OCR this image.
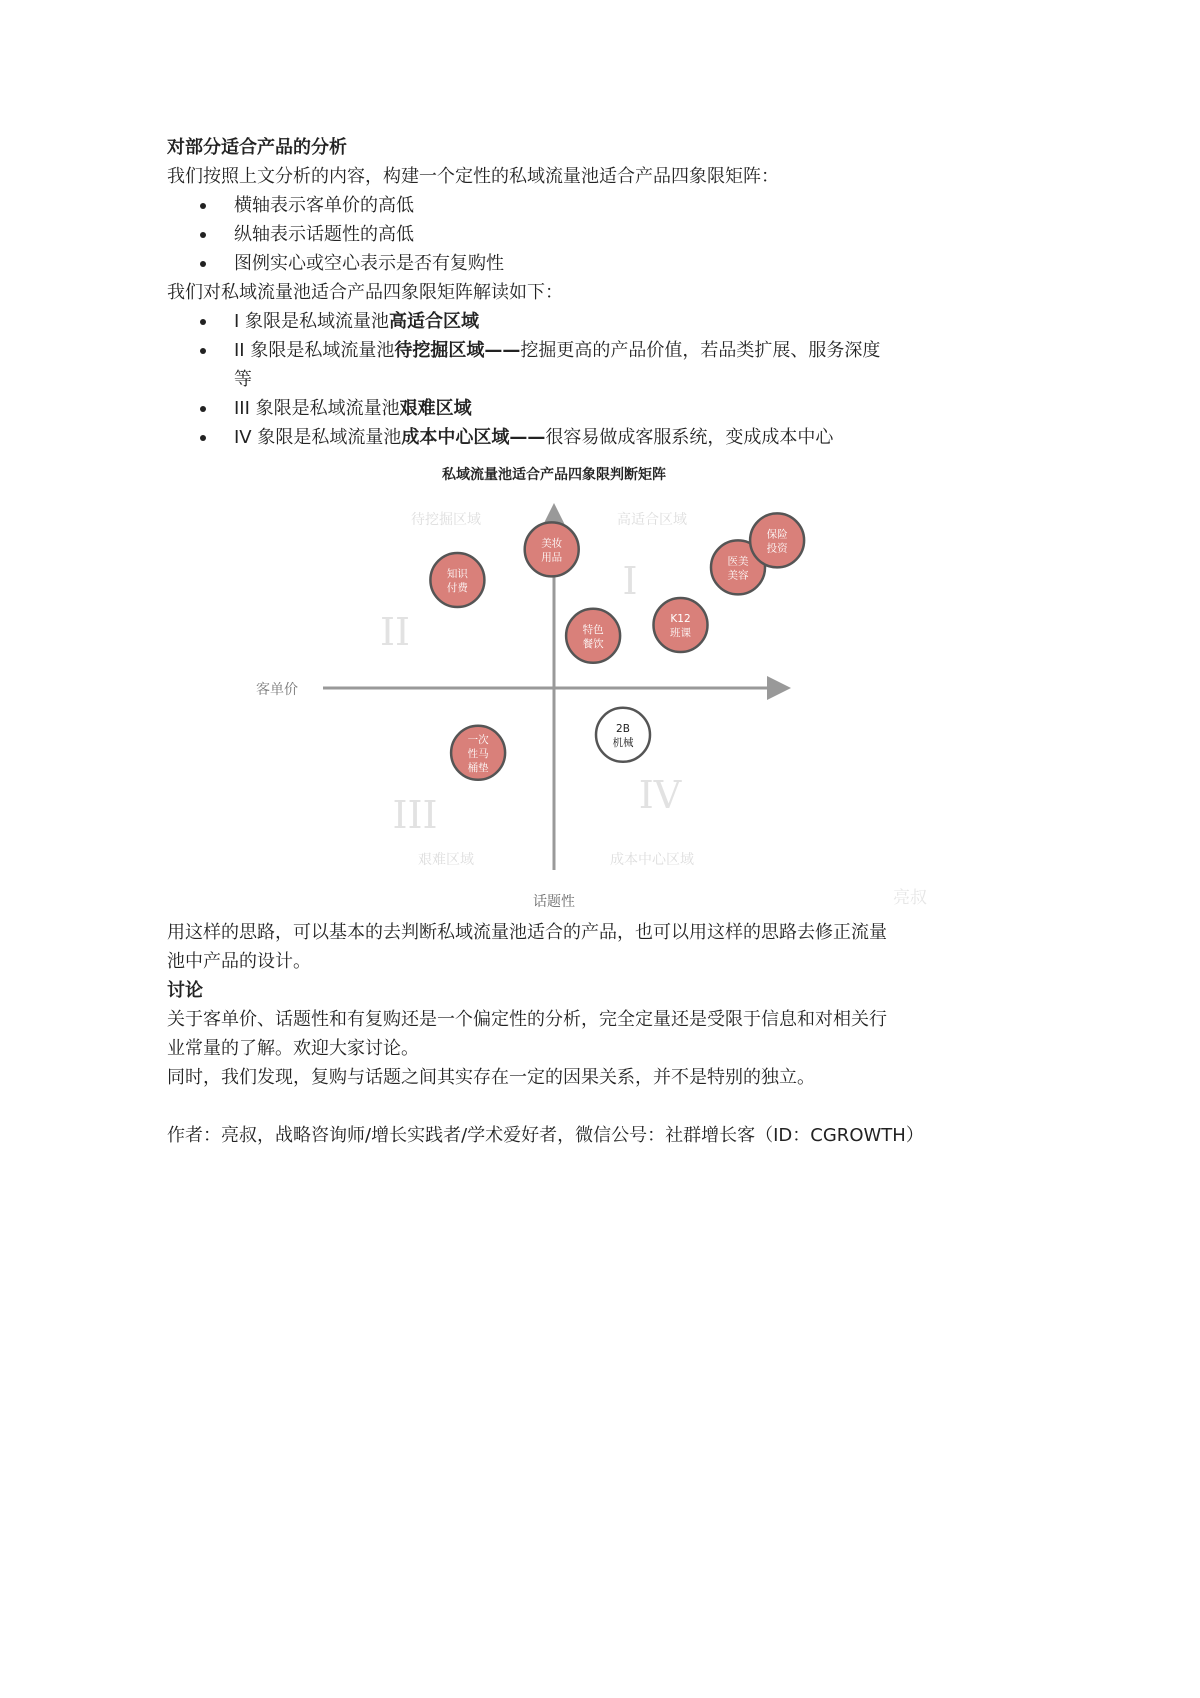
对部分适合产品的分析
我们按照上文分析的内容，构建一个定性的私域流量池适合产品四象限矩阵：
横轴表示客单价的高低
纵轴表示话题性的高低
图例实心或空心表示是否有复购性
我们对私域流量池适合产品四象限矩阵解读如下：
I 象限是私域流量池高适合区域
II 象限是私域流量池待挖掘区域——挖掘更高的产品价值，若品类扩展、服务深度
等
III 象限是私域流量池艰难区域
IV 象限是私域流量池成本中心区域——很容易做成客服系统，变成成本中心
私域流量池适合产品四象限判断矩阵
待挖掘区域	高适合区域
艰难区域	成本中心区域
II
I
III	IV
客单价
话题性	亮叔
知识
付费
美妆
用品
特色
餐饮
K12
班课
医美
美容
保险
投资
一次
性马
桶垫
2B
机械
用这样的思路，可以基本的去判断私域流量池适合的产品，也可以用这样的思路去修正流量
池中产品的设计。
讨论
关于客单价、话题性和有复购还是一个偏定性的分析，完全定量还是受限于信息和对相关行
业常量的了解。欢迎大家讨论。
同时，我们发现，复购与话题之间其实存在一定的因果关系，并不是特别的独立。
作者：亮叔，战略咨询师/增长实践者/学术爱好者，微信公号：社群增长客（ID：CGROWTH）
